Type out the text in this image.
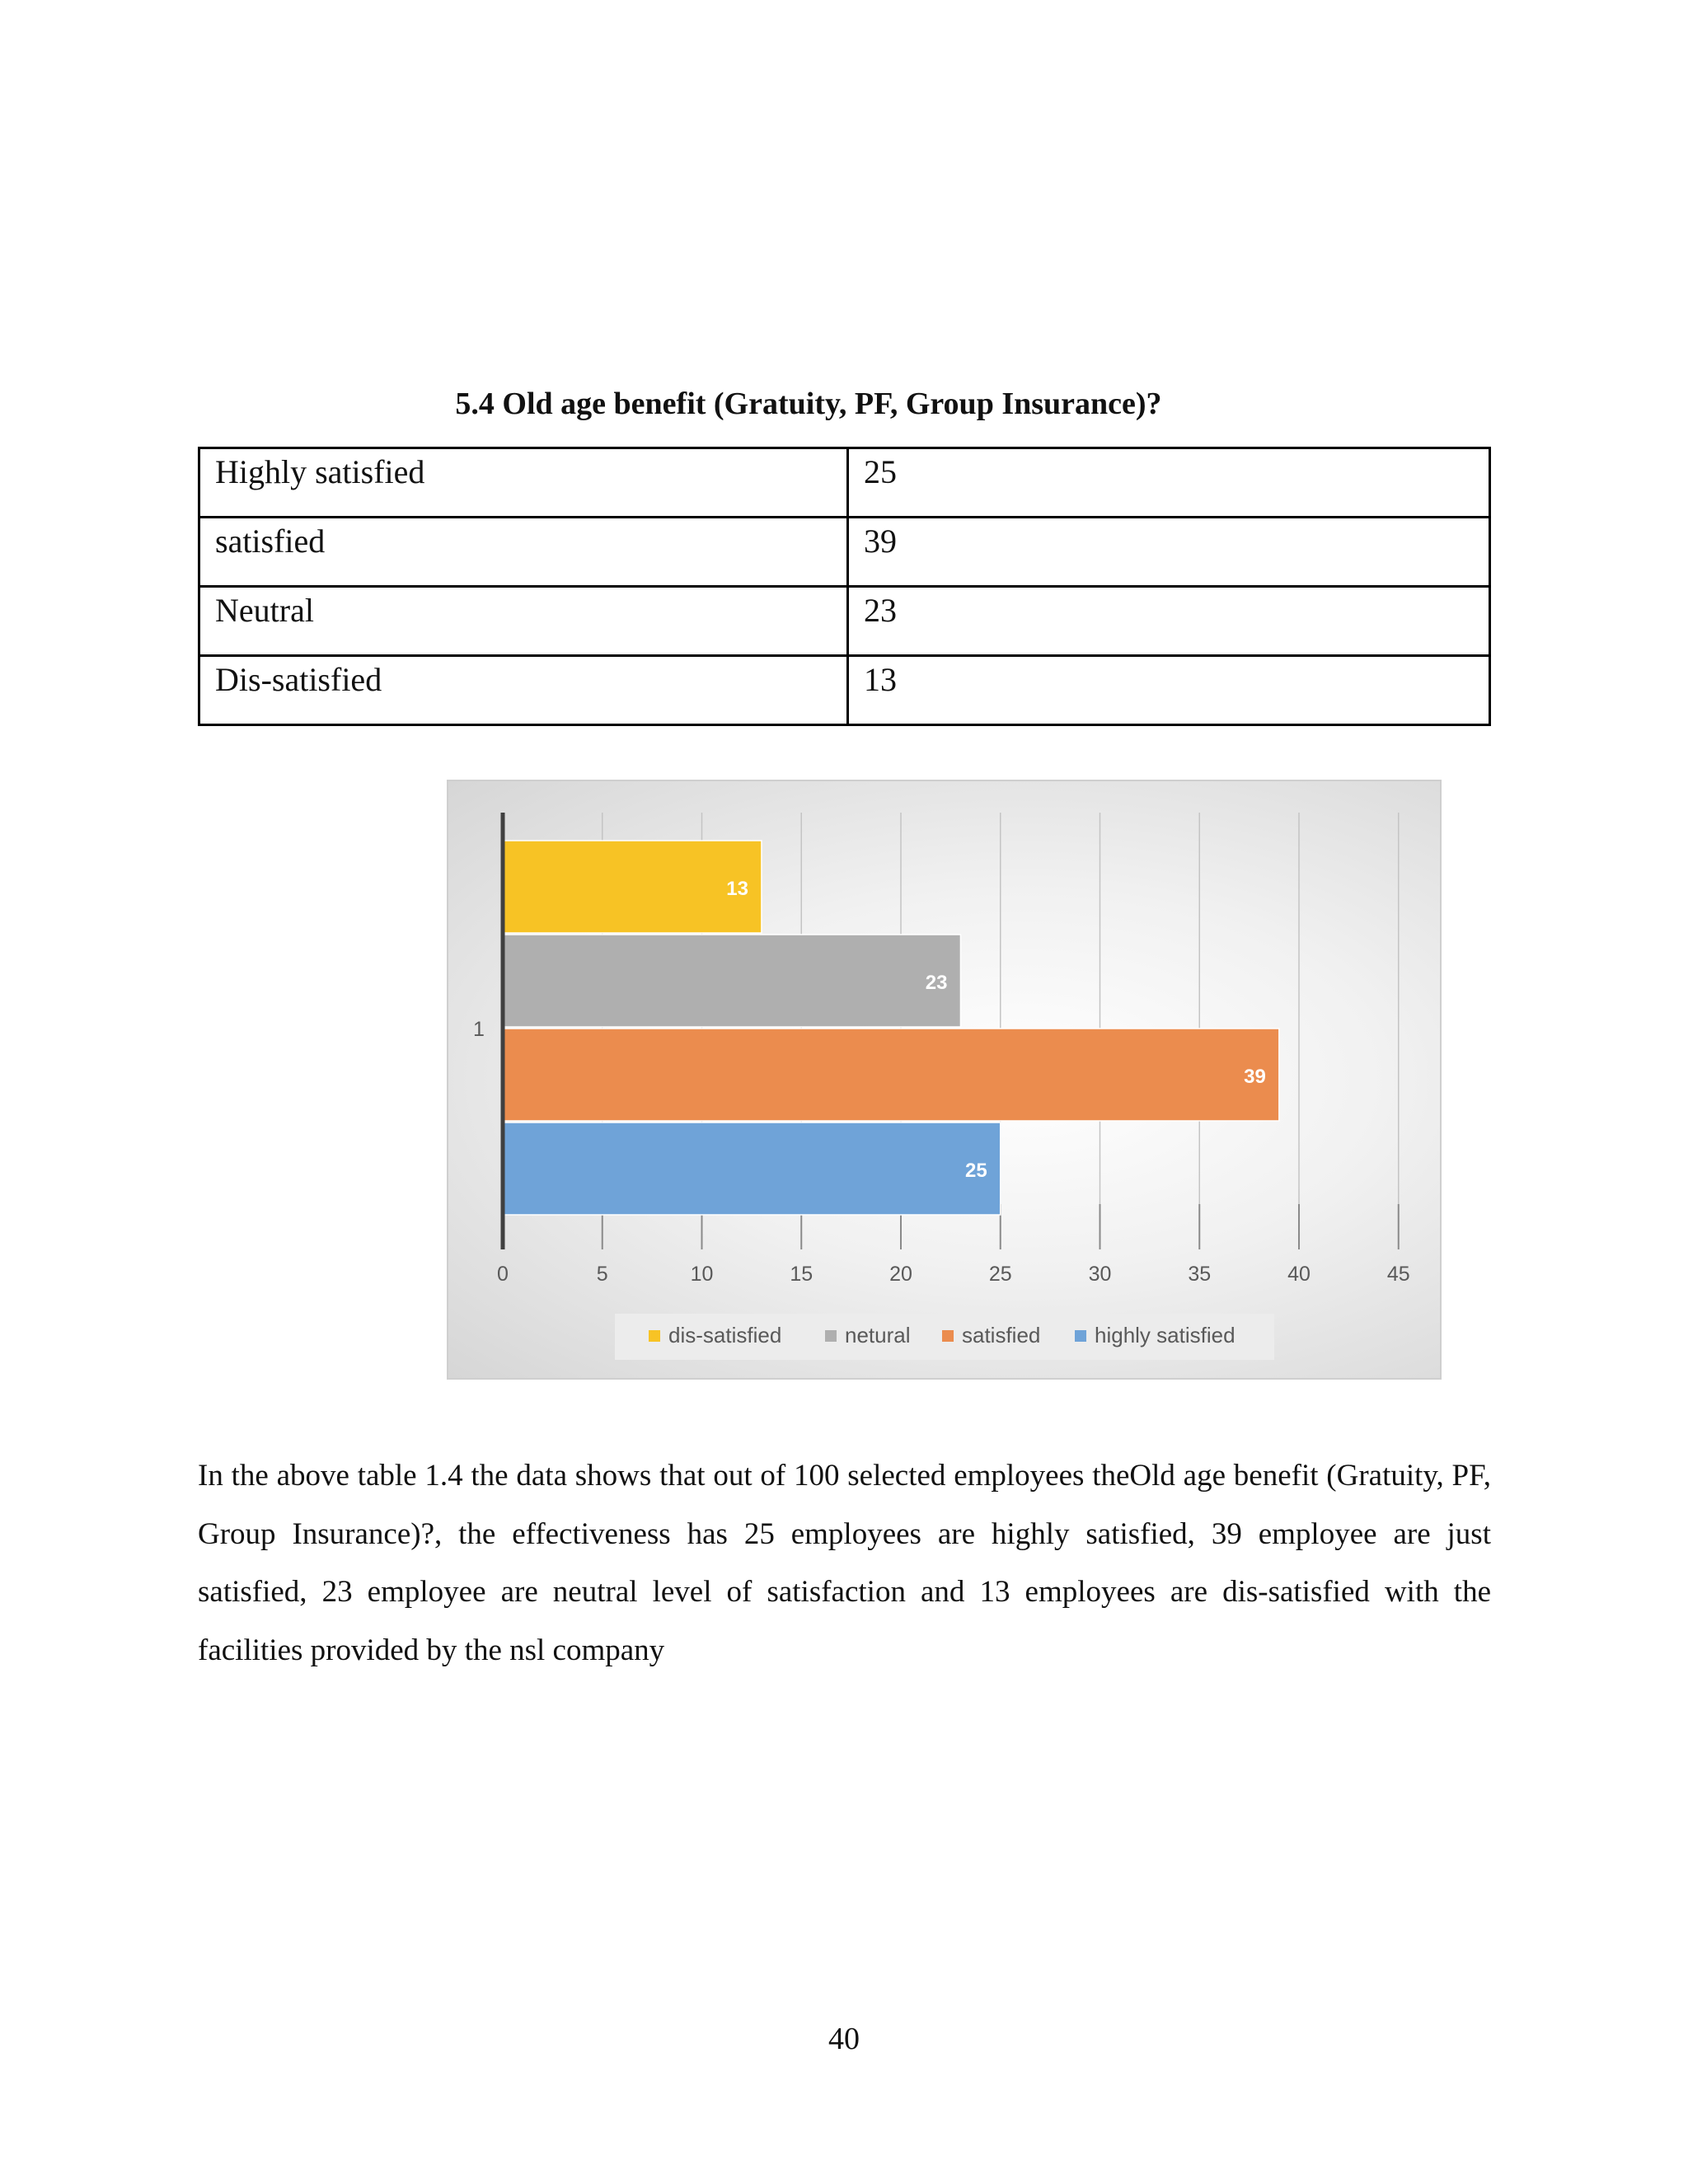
5.4 Old age benefit (Gratuity, PF, Group Insurance)?
Highly satisfied	25
satisfied	39
Neutral	23
Dis-satisfied	13
0	5	10	15	20	25	30	35	40	45
13
23
39
25
1
dis-satisfied	netural satisfied	highly satisfied
In the above table 1.4 the data shows that out of 100 selected employees theOld age benefit (Gratuity, PF, Group Insurance)?, the effectiveness has 25 employees are highly satisfied, 39 employee are just satisfied, 23 employee are neutral level of satisfaction and 13 employees are dis-satisfied with the facilities provided by the nsl company
40
